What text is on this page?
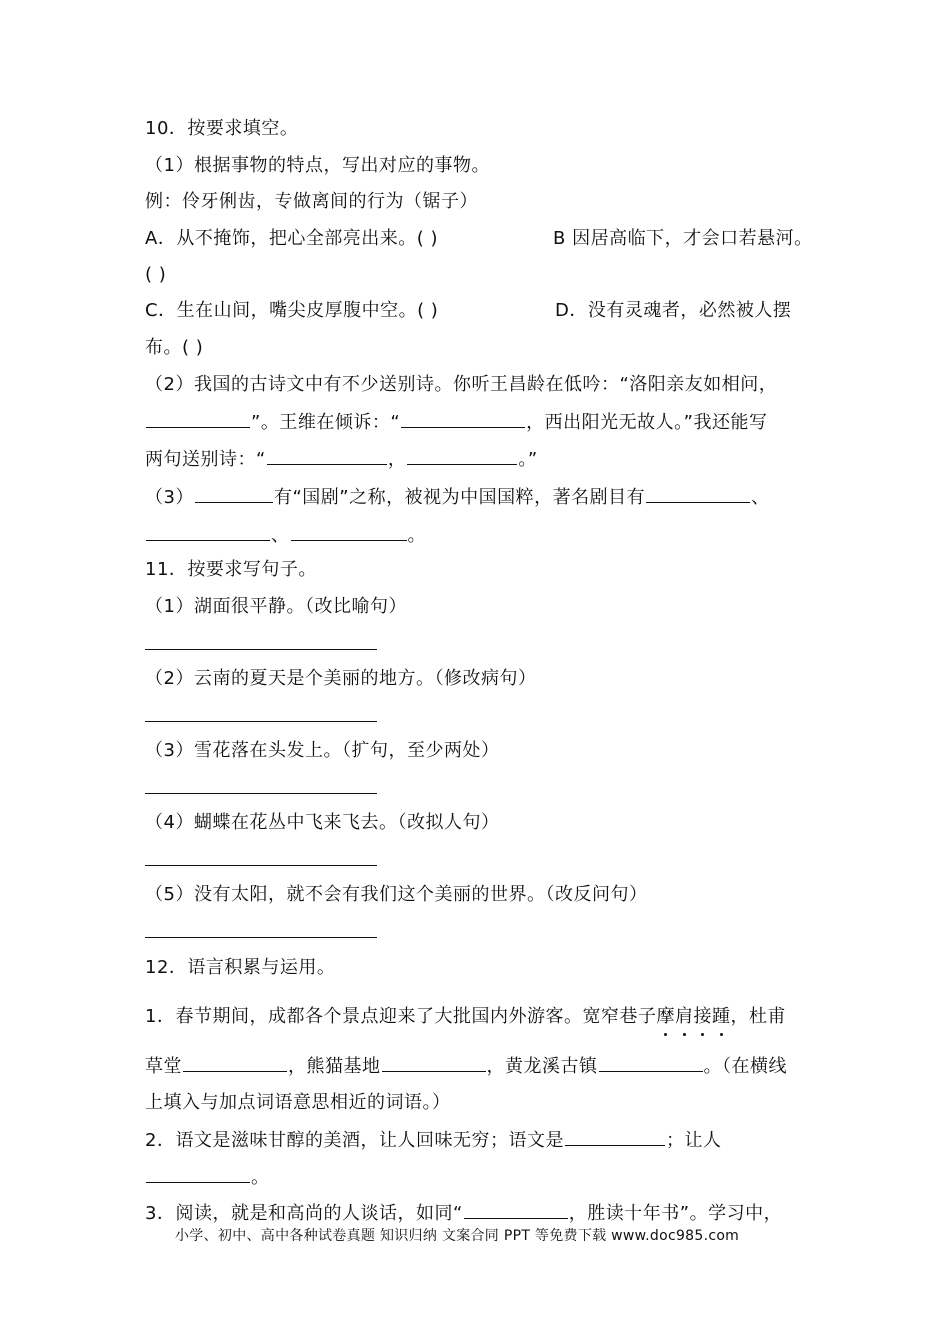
10．按要求填空。
（1）根据事物的特点，写出对应的事物。
例：伶牙俐齿，专做离间的行为（锯子）
A．从不掩饰，把心全部亮出来。( )	B 因居高临下，才会口若悬河。
( )
C．生在山间，嘴尖皮厚腹中空。( )	D．没有灵魂者，必然被人摆
布。( )
（2）我国的古诗文中有不少送别诗。你听王昌龄在低吟：“洛阳亲友如相问，
”。王维在倾诉：“	，西出阳光无故人。”我还能写
两句送别诗：“	，	。”
（3）	有“国剧”之称，被视为中国国粹，著名剧目有	、
、	。
11．按要求写句子。
（1）湖面很平静。（改比喻句）
（2）云南的夏天是个美丽的地方。（修改病句）
（3）雪花落在头发上。（扩句，至少两处）
（4）蝴蝶在花丛中飞来飞去。（改拟人句）
（5）没有太阳，就不会有我们这个美丽的世界。（改反问句）
12．语言积累与运用。
1．春节期间，成都各个景点迎来了大批国内外游客。宽窄巷子摩肩接踵
，杜甫
草堂	，熊猫基地	，黄龙溪古镇	。（在横线
上填入与加点词语意思相近的词语。）
2．语文是滋味甘醇的美酒，让人回味无穷；语文是	；让人
。
3．阅读，就是和高尚的人谈话，如同“	，胜读十年书”。学习中，
小学、初中、高中各种试卷真题 知识归纳 文案合同 PPT 等免费下载 www.doc985.com
